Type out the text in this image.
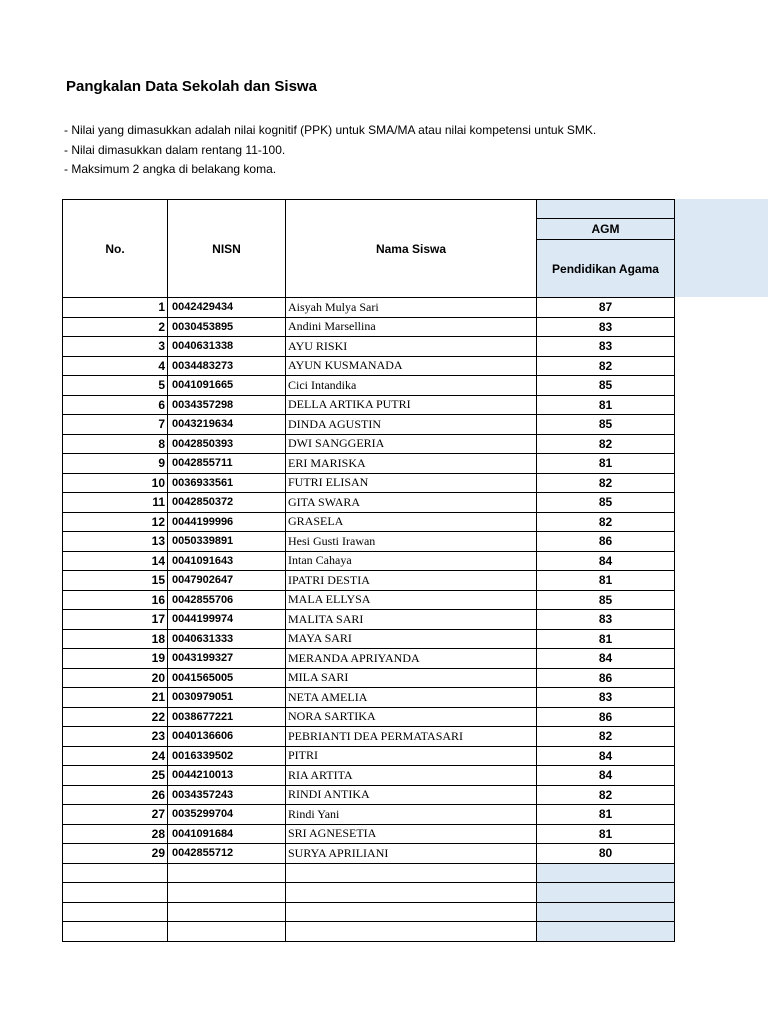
Pangkalan Data Sekolah dan Siswa
- Nilai yang dimasukkan adalah nilai kognitif (PPK) untuk SMA/MA atau nilai kompetensi untuk SMK.
- Nilai dimasukkan dalam rentang 11-100.
- Maksimum 2 angka di belakang koma.
No.	NISN	Nama Siswa	
			AGM
			Pendidikan Agama
1	0042429434	Aisyah Mulya Sari	87
2	0030453895	Andini Marsellina	83
3	0040631338	AYU RISKI	83
4	0034483273	AYUN KUSMANADA	82
5	0041091665	Cici Intandika	85
6	0034357298	DELLA ARTIKA PUTRI	81
7	0043219634	DINDA AGUSTIN	85
8	0042850393	DWI SANGGERIA	82
9	0042855711	ERI MARISKA	81
10	0036933561	FUTRI ELISAN	82
11	0042850372	GITA SWARA	85
12	0044199996	GRASELA	82
13	0050339891	Hesi Gusti Irawan	86
14	0041091643	Intan Cahaya	84
15	0047902647	IPATRI DESTIA	81
16	0042855706	MALA ELLYSA	85
17	0044199974	MALITA SARI	83
18	0040631333	MAYA SARI	81
19	0043199327	MERANDA APRIYANDA	84
20	0041565005	MILA SARI	86
21	0030979051	NETA AMELIA	83
22	0038677221	NORA SARTIKA	86
23	0040136606	PEBRIANTI DEA PERMATASARI	82
24	0016339502	PITRI	84
25	0044210013	RIA ARTITA	84
26	0034357243	RINDI ANTIKA	82
27	0035299704	Rindi Yani	81
28	0041091684	SRI AGNESETIA	81
29	0042855712	SURYA APRILIANI	80
